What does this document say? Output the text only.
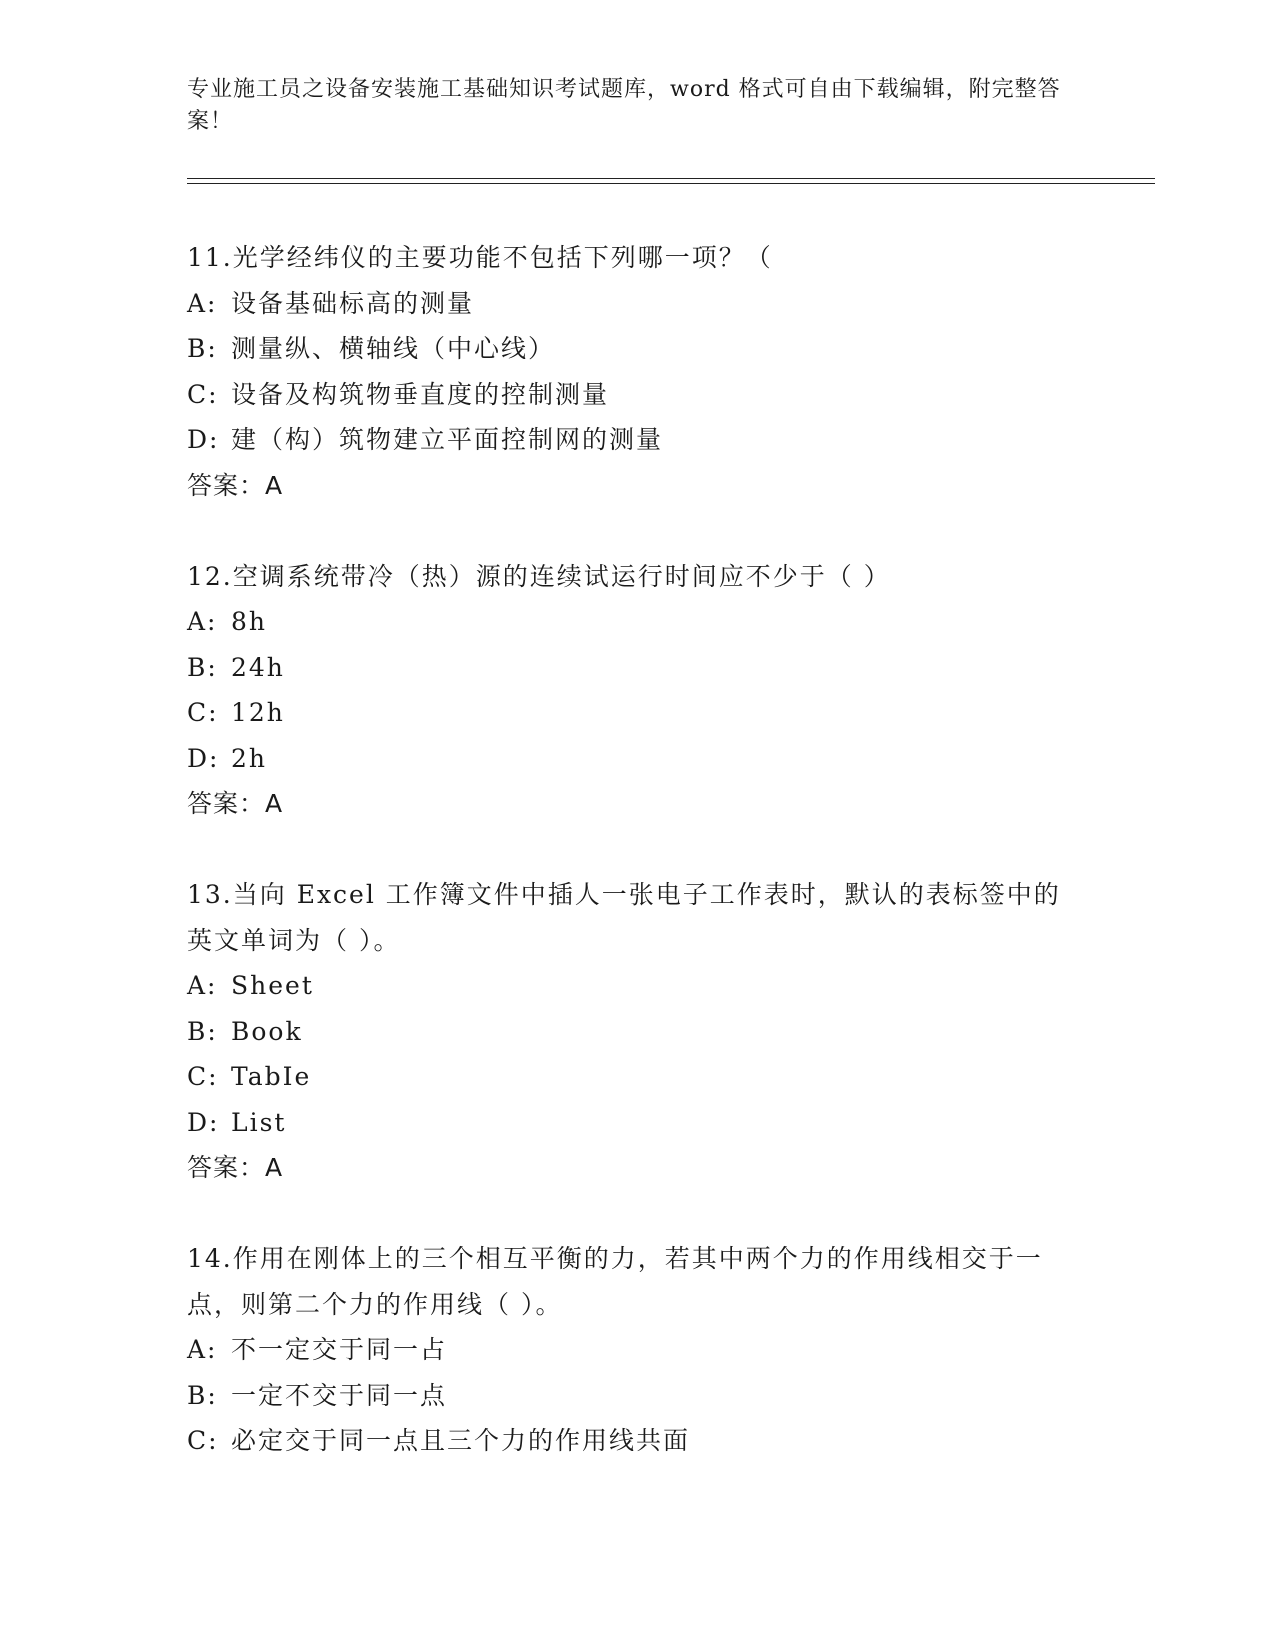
专业施工员之设备安装施工基础知识考试题库，word 格式可自由下载编辑，附完整答案！
11.光学经纬仪的主要功能不包括下列哪一项？（
A: 设备基础标高的测量
B: 测量纵、横轴线（中心线）
C: 设备及构筑物垂直度的控制测量
D: 建（构）筑物建立平面控制网的测量
答案：A
12.空调系统带冷（热）源的连续试运行时间应不少于（ ）
A: 8h
B: 24h
C: 12h
D: 2h
答案：A
13.当向 Excel 工作簿文件中插人一张电子工作表时，默认的表标签中的英文单词为（ ）。
A: Sheet
B: Book
C: TabIe
D: List
答案：A
14.作用在刚体上的三个相互平衡的力，若其中两个力的作用线相交于一点，则第二个力的作用线（ ）。
A: 不一定交于同一占
B: 一定不交于同一点
C: 必定交于同一点且三个力的作用线共面
